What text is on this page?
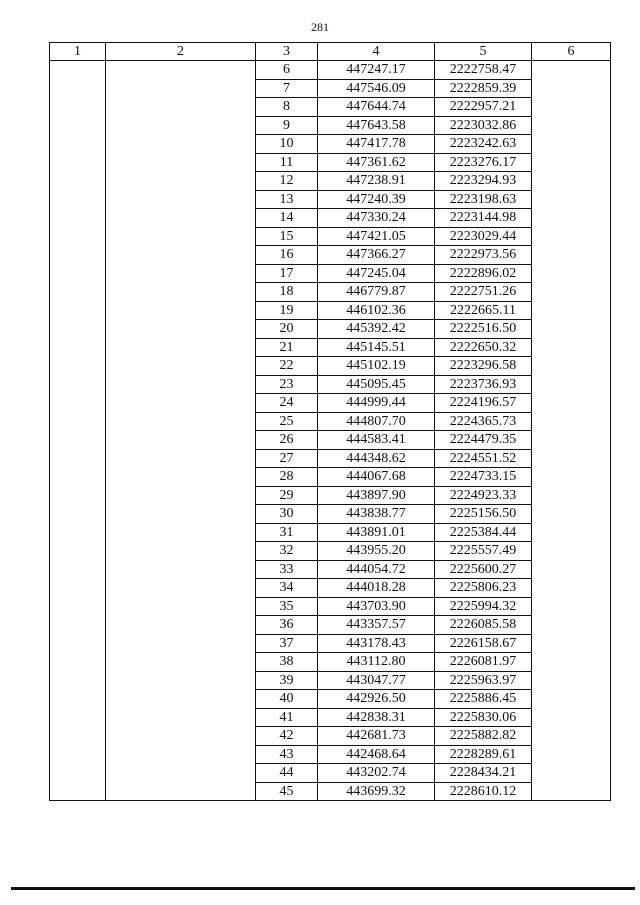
281
1	2	3	4	5	6
		6	447247.17	2222758.47	
		7	447546.09	2222859.39	
		8	447644.74	2222957.21	
		9	447643.58	2223032.86	
		10	447417.78	2223242.63	
		11	447361.62	2223276.17	
		12	447238.91	2223294.93	
		13	447240.39	2223198.63	
		14	447330.24	2223144.98	
		15	447421.05	2223029.44	
		16	447366.27	2222973.56	
		17	447245.04	2222896.02	
		18	446779.87	2222751.26	
		19	446102.36	2222665.11	
		20	445392.42	2222516.50	
		21	445145.51	2222650.32	
		22	445102.19	2223296.58	
		23	445095.45	2223736.93	
		24	444999.44	2224196.57	
		25	444807.70	2224365.73	
		26	444583.41	2224479.35	
		27	444348.62	2224551.52	
		28	444067.68	2224733.15	
		29	443897.90	2224923.33	
		30	443838.77	2225156.50	
		31	443891.01	2225384.44	
		32	443955.20	2225557.49	
		33	444054.72	2225600.27	
		34	444018.28	2225806.23	
		35	443703.90	2225994.32	
		36	443357.57	2226085.58	
		37	443178.43	2226158.67	
		38	443112.80	2226081.97	
		39	443047.77	2225963.97	
		40	442926.50	2225886.45	
		41	442838.31	2225830.06	
		42	442681.73	2225882.82	
		43	442468.64	2228289.61	
		44	443202.74	2228434.21	
		45	443699.32	2228610.12	
